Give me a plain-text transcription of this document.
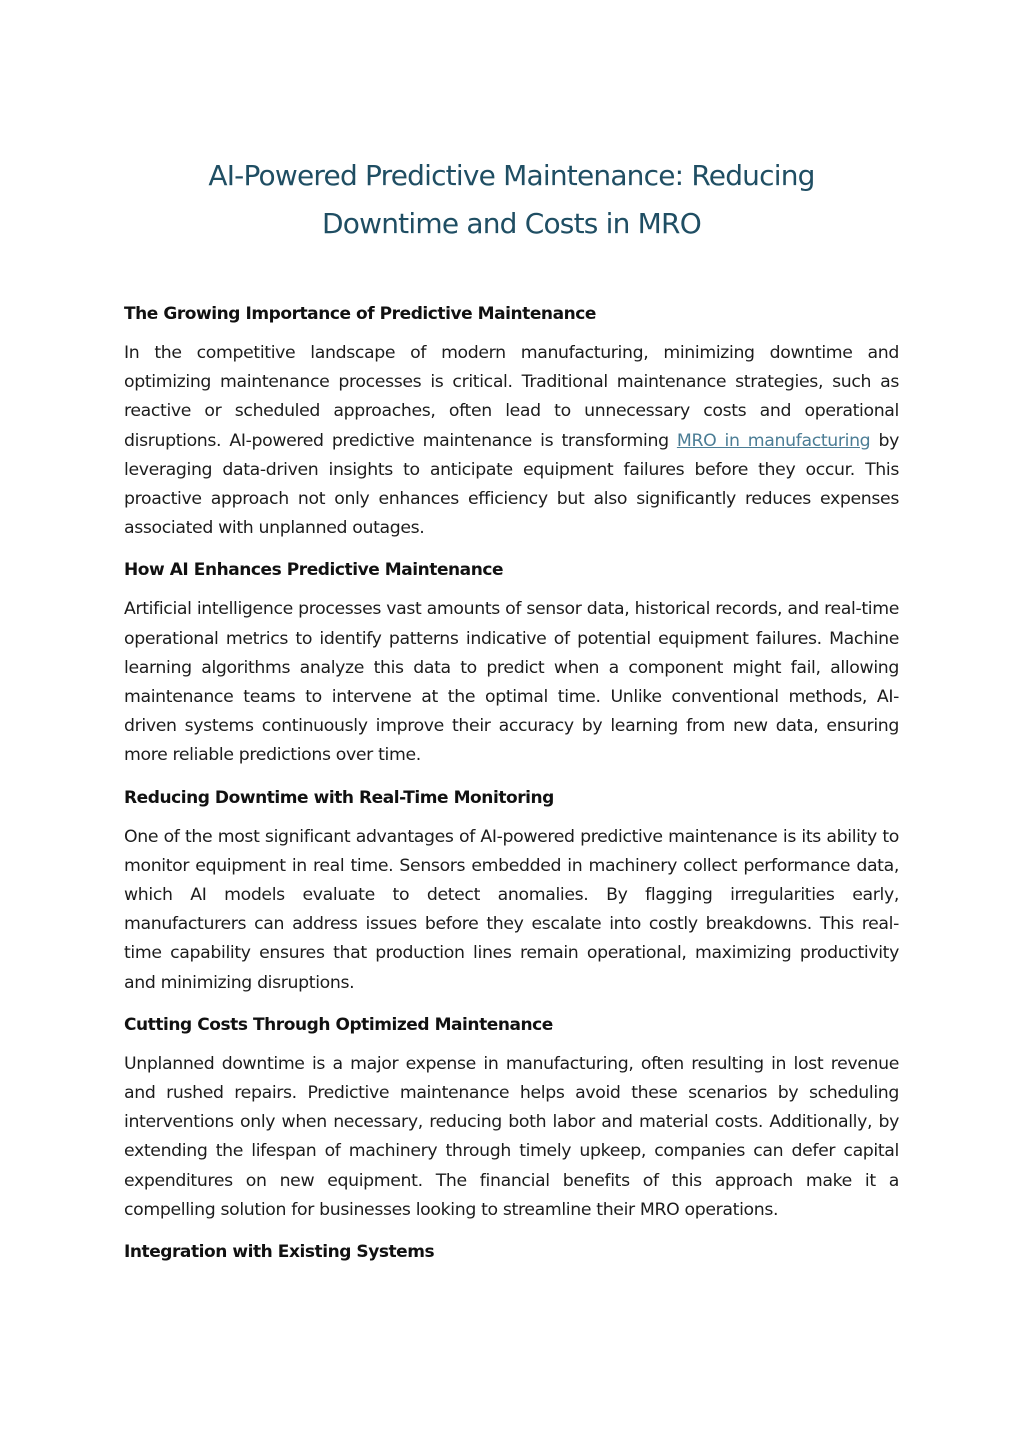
AI-Powered Predictive Maintenance: Reducing
Downtime and Costs in MRO
The Growing Importance of Predictive Maintenance

In the competitive landscape of modern manufacturing, minimizing downtime and optimizing maintenance processes is critical. Traditional maintenance strategies, such as reactive or scheduled approaches, often lead to unnecessary costs and operational disruptions. AI-powered predictive maintenance is transforming MRO in manufacturing by leveraging data-driven insights to anticipate equipment failures before they occur. This proactive approach not only enhances efficiency but also significantly reduces expenses associated with unplanned outages.

How AI Enhances Predictive Maintenance

Artificial intelligence processes vast amounts of sensor data, historical records, and real-time operational metrics to identify patterns indicative of potential equipment failures. Machine learning algorithms analyze this data to predict when a component might fail, allowing maintenance teams to intervene at the optimal time. Unlike conventional methods, AI-driven systems continuously improve their accuracy by learning from new data, ensuring more reliable predictions over time.

Reducing Downtime with Real-Time Monitoring

One of the most significant advantages of AI-powered predictive maintenance is its ability to monitor equipment in real time. Sensors embedded in machinery collect performance data, which AI models evaluate to detect anomalies. By flagging irregularities early, manufacturers can address issues before they escalate into costly breakdowns. This real-time capability ensures that production lines remain operational, maximizing productivity and minimizing disruptions.

Cutting Costs Through Optimized Maintenance

Unplanned downtime is a major expense in manufacturing, often resulting in lost revenue and rushed repairs. Predictive maintenance helps avoid these scenarios by scheduling interventions only when necessary, reducing both labor and material costs. Additionally, by extending the lifespan of machinery through timely upkeep, companies can defer capital expenditures on new equipment. The financial benefits of this approach make it a compelling solution for businesses looking to streamline their MRO operations.

Integration with Existing Systems
